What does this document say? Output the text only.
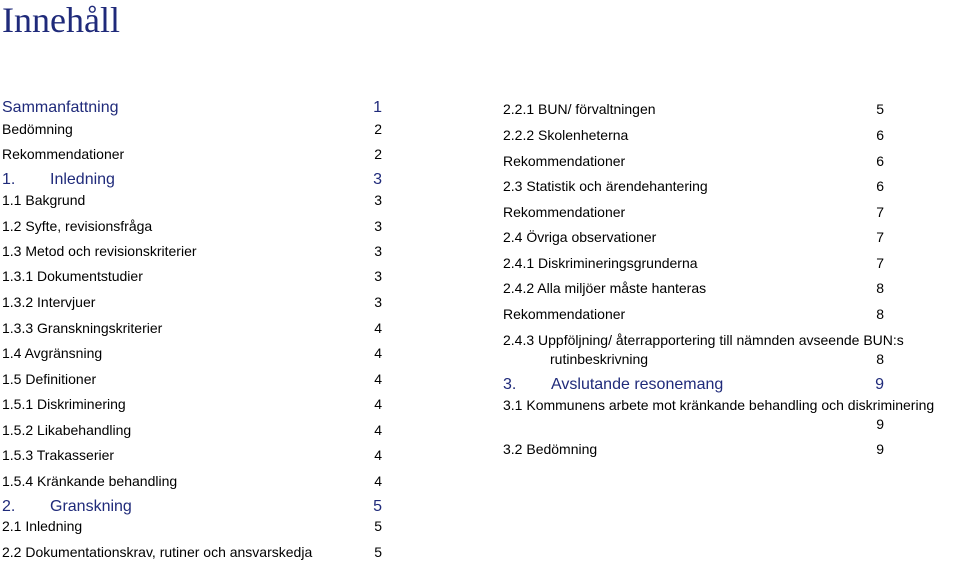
Innehåll
Sammanfattning	1
Bedömning	2
Rekommendationer	2
1. Inledning	3
1.1 Bakgrund	3
1.2 Syfte, revisionsfråga	3
1.3 Metod och revisionskriterier	3
1.3.1 Dokumentstudier	3
1.3.2 Intervjuer	3
1.3.3 Granskningskriterier	4
1.4 Avgränsning	4
1.5 Definitioner	4
1.5.1 Diskriminering	4
1.5.2 Likabehandling	4
1.5.3 Trakasserier	4
1.5.4 Kränkande behandling	4
2. Granskning	5
2.1 Inledning	5
2.2 Dokumentationskrav, rutiner och ansvarskedja	5
2.2.1 BUN/ förvaltningen	5
2.2.2 Skolenheterna	6
Rekommendationer	6
2.3 Statistik och ärendehantering	6
Rekommendationer	7
2.4 Övriga observationer	7
2.4.1 Diskrimineringsgrunderna	7
2.4.2 Alla miljöer måste hanteras	8
Rekommendationer	8
2.4.3 Uppföljning/ återrapportering till nämnden avseende BUN:s
rutinbeskrivning	8
3. Avslutande resonemang	9
3.1 Kommunens arbete mot kränkande behandling och diskriminering
9
3.2 Bedömning	9
